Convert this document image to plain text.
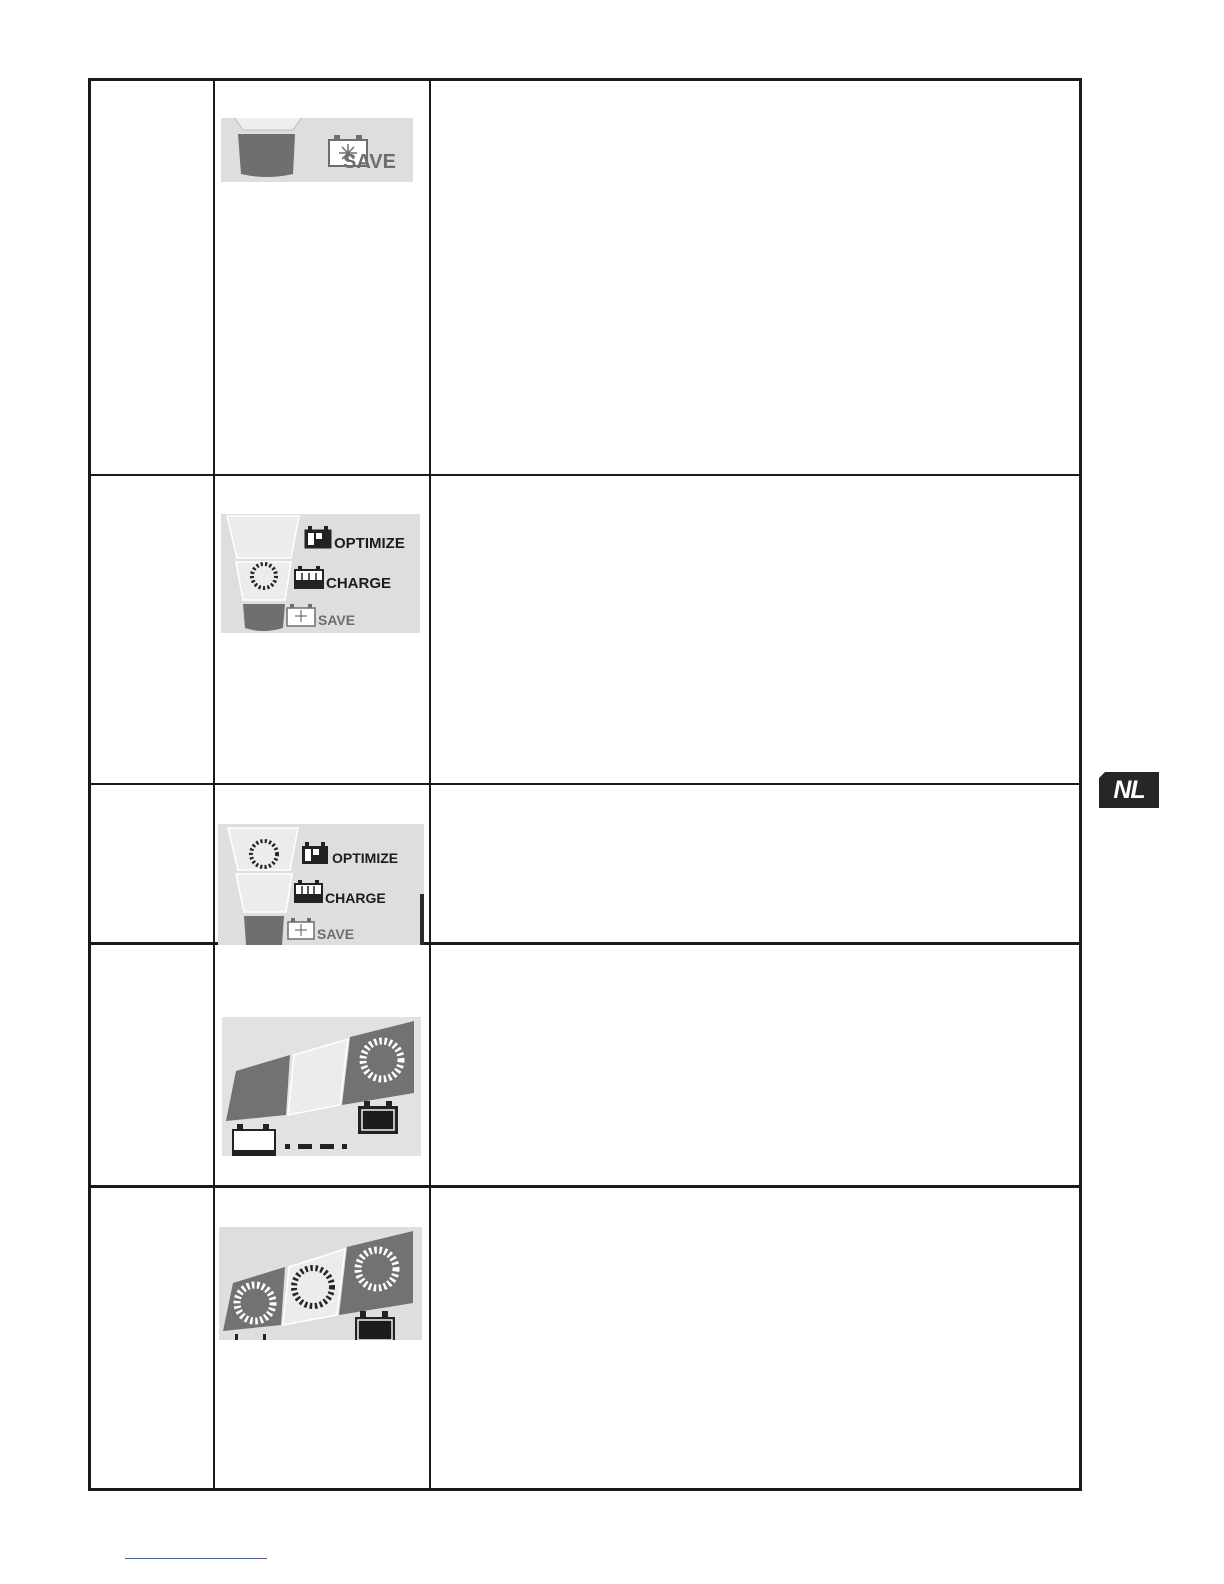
SAVE
OPTIMIZE
CHARGE
SAVE
OPTIMIZE
CHARGE
SAVE
NL
